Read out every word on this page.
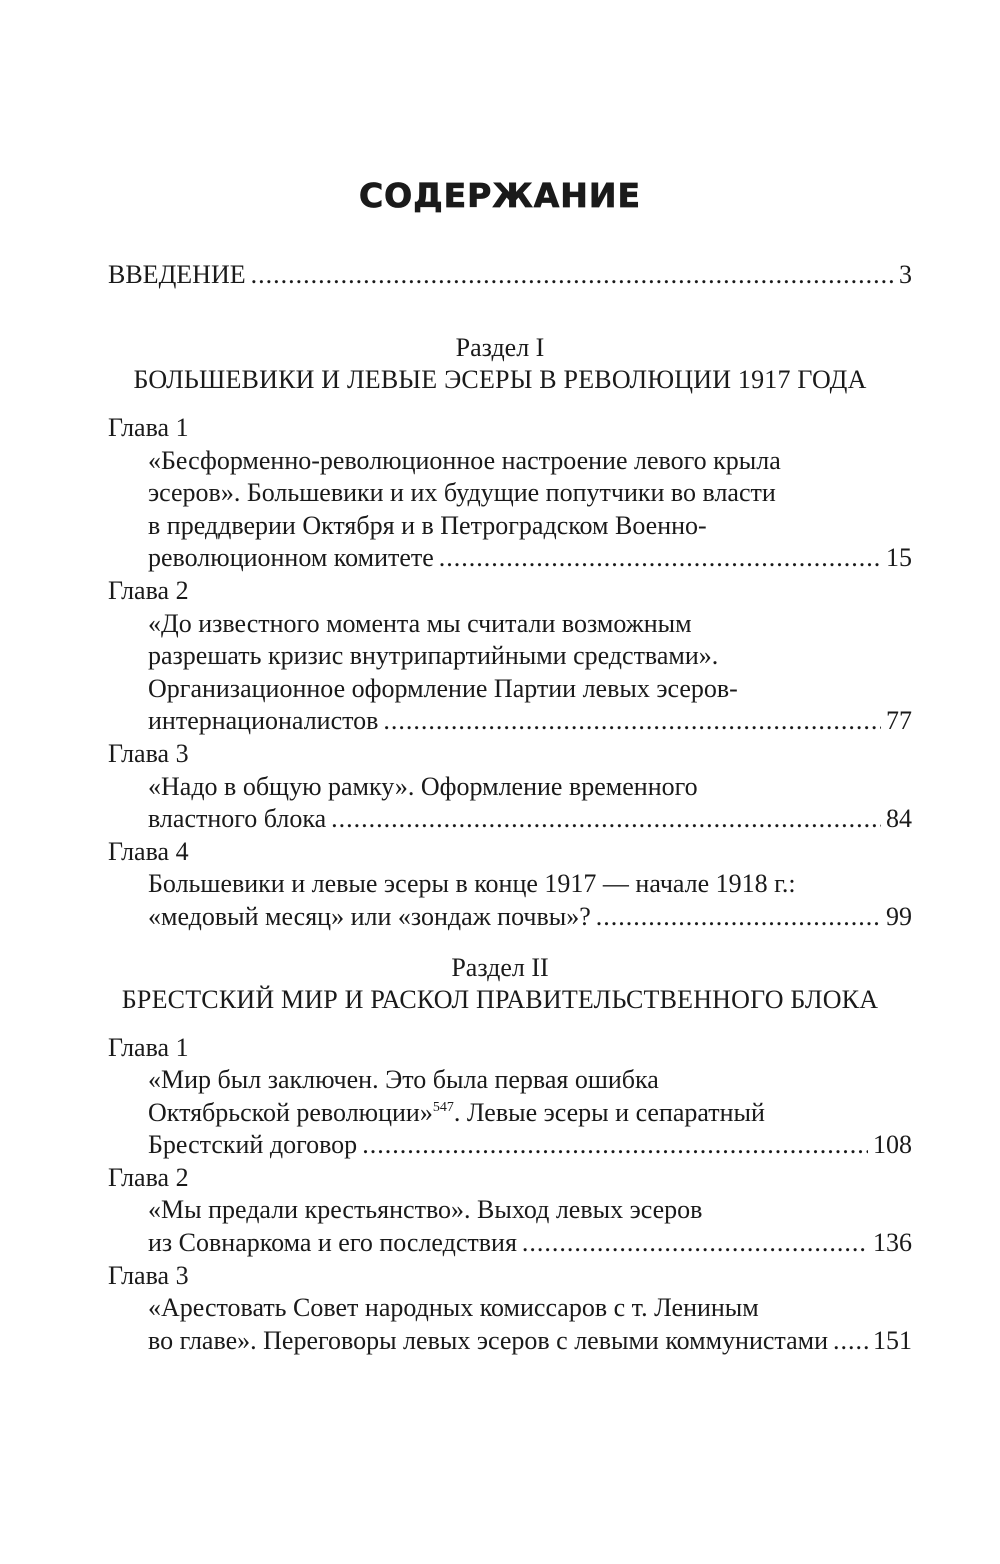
СОДЕРЖАНИЕ
ВВЕДЕНИЕ .....	3
Раздел I
БОЛЬШЕВИКИ И ЛЕВЫЕ ЭСЕРЫ В РЕВОЛЮЦИИ 1917 ГОДА
Глава 1
«Бесформенно-революционное настроение левого крыла
эсеров». Большевики и их будущие попутчики во власти
в преддверии Октября и в Петроградском Военно-
революционном комитете .....	15
Глава 2
«До известного момента мы считали возможным
разрешать кризис внутрипартийными средствами».
Организационное оформление Партии левых эсеров-
интернационалистов .....	77
Глава 3
«Надо в общую рамку». Оформление временного
властного блока .....	84
Глава 4
Большевики и левые эсеры в конце 1917 — начале 1918 г.:
«медовый месяц» или «зондаж почвы»? .....	99
Раздел II
БРЕСТСКИЙ МИР И РАСКОЛ ПРАВИТЕЛЬСТВЕННОГО БЛОКА
Глава 1
«Мир был заключен. Это была первая ошибка
Октябрьской революции»$^{547}$. Левые эсеры и сепаратный
Брестский договор .....	108
Глава 2
«Мы предали крестьянство». Выход левых эсеров
из Совнаркома и его последствия .....	136
Глава 3
«Арестовать Совет народных комиссаров с т. Лениным
во главе». Переговоры левых эсеров с левыми коммунистами ..... 151
